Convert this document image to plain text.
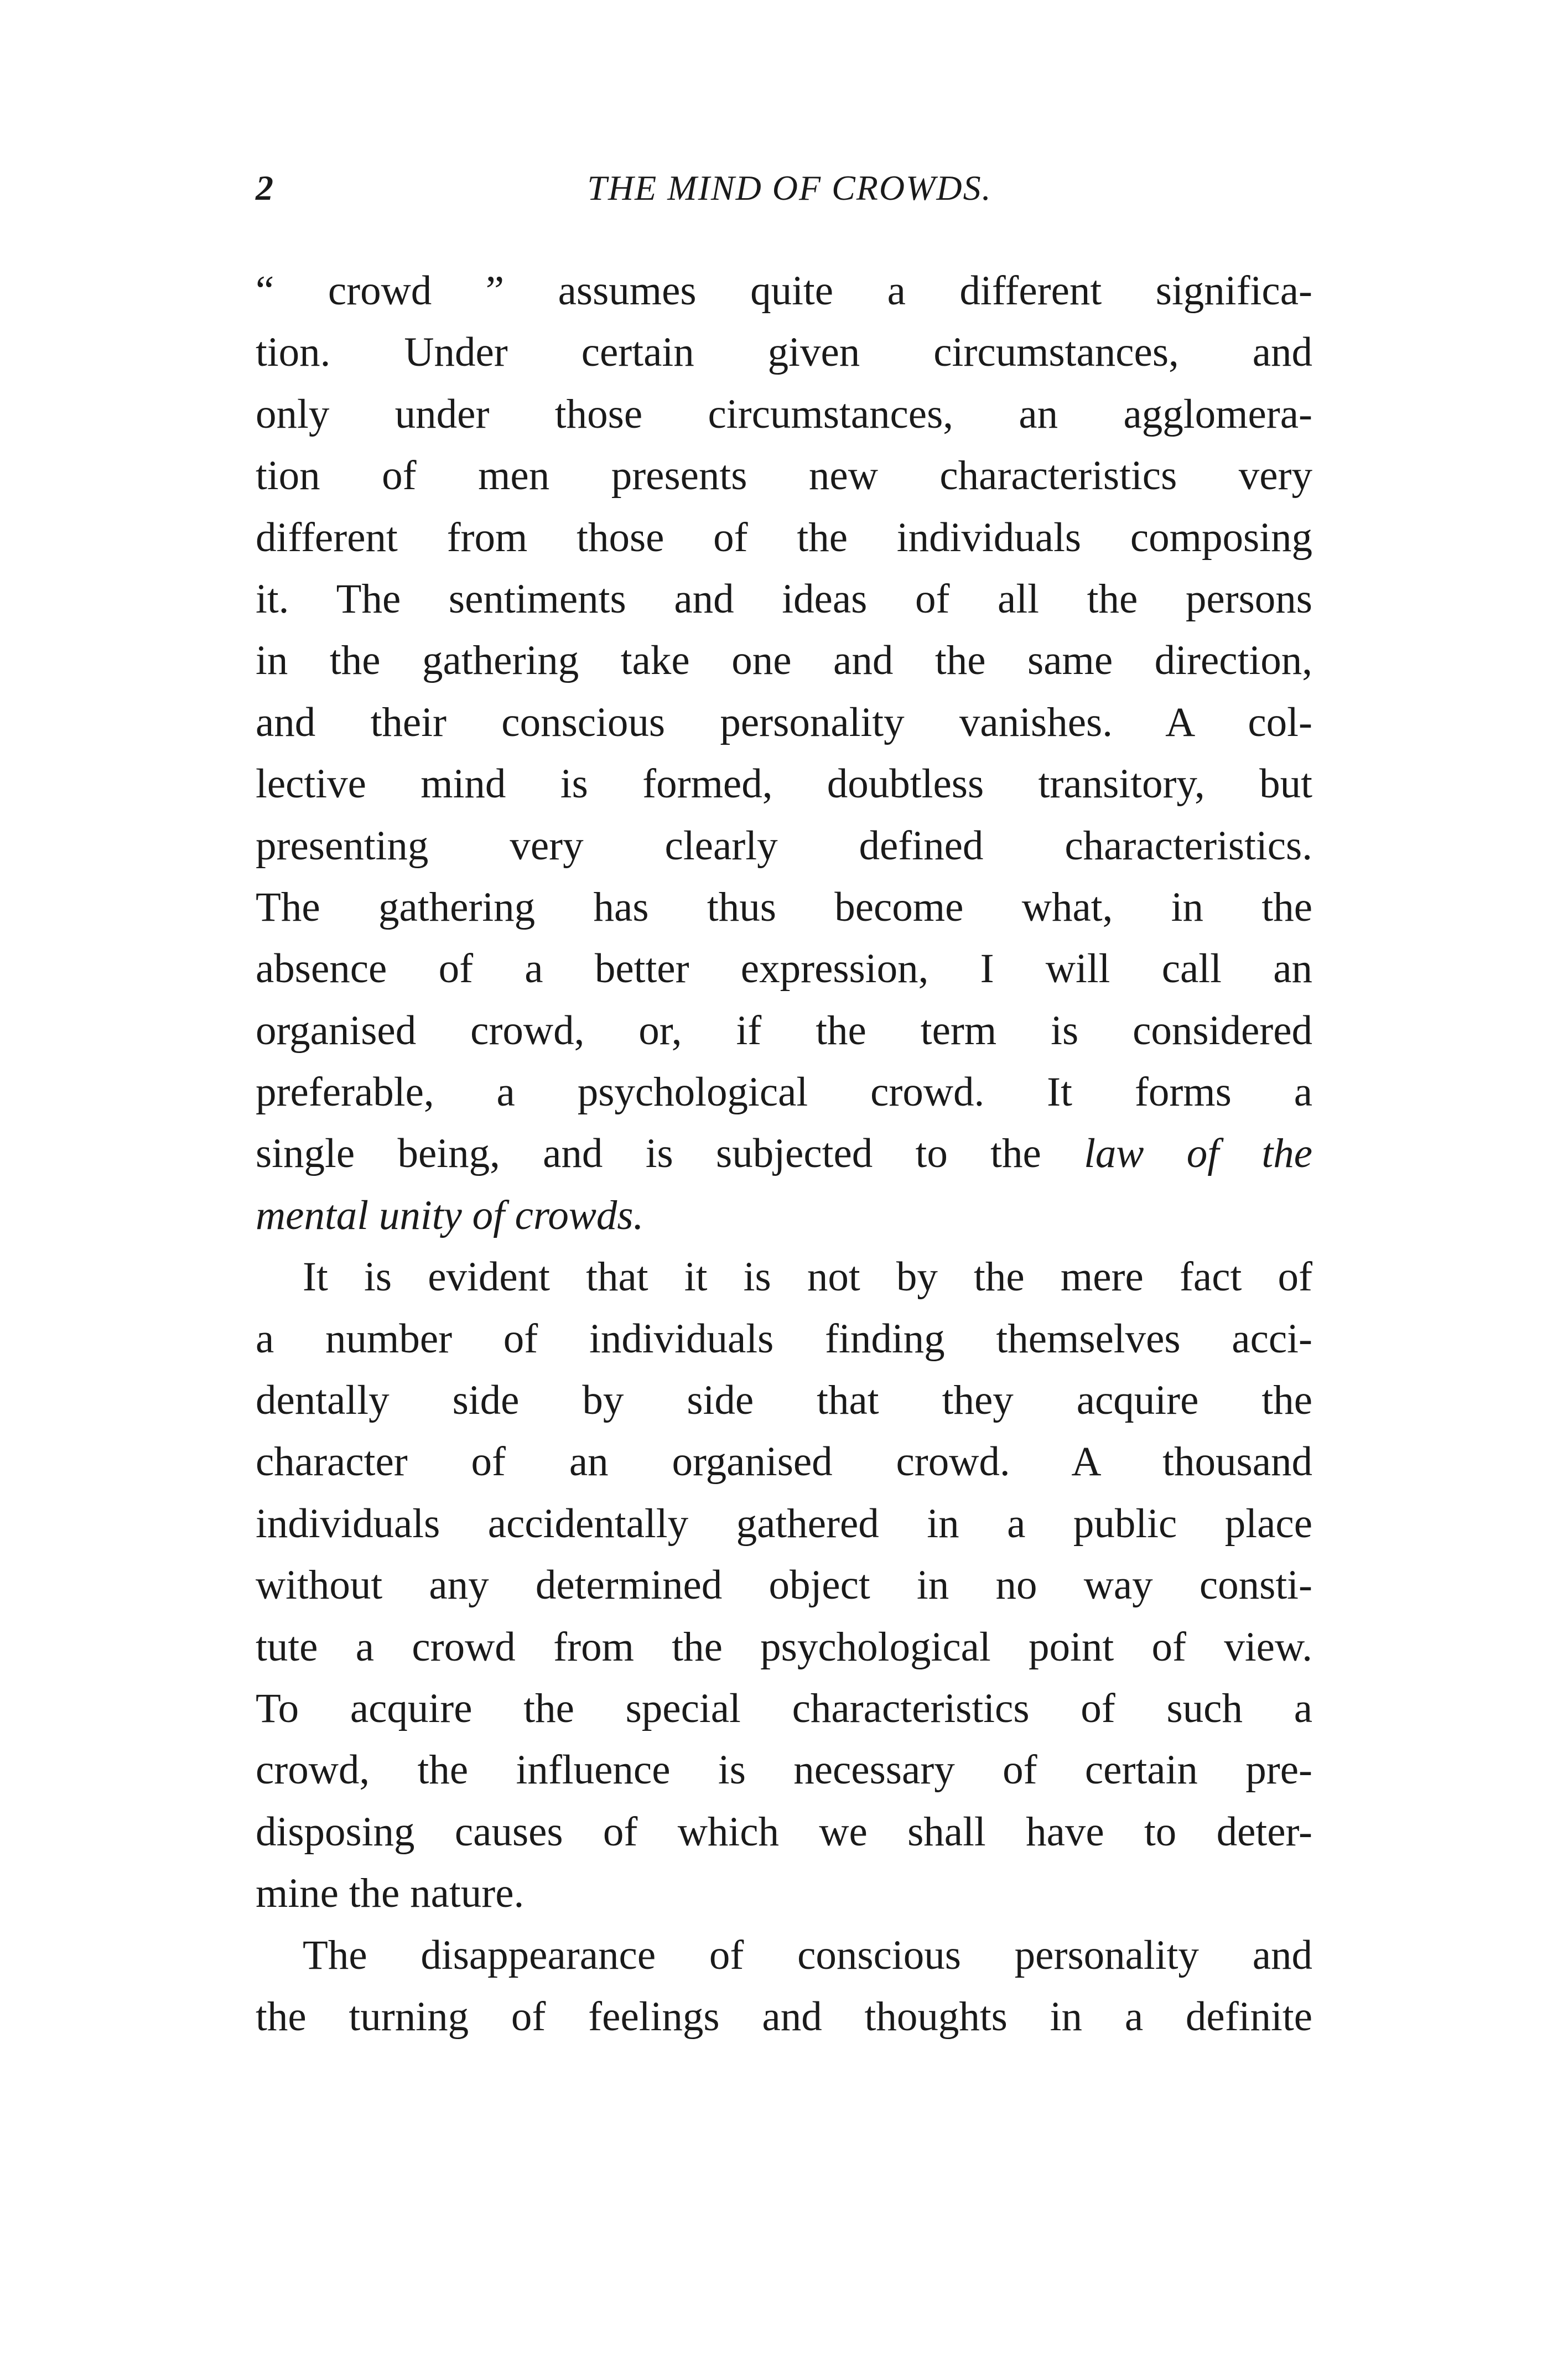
2	THE MIND OF CROWDS.

“ crowd ” assumes quite a different significa-
tion. Under certain given circumstances, and
only under those circumstances, an agglomera-
tion of men presents new characteristics very
different from those of the individuals composing
it. The sentiments and ideas of all the persons
in the gathering take one and the same direction,
and their conscious personality vanishes. A col-
lective mind is formed, doubtless transitory, but
presenting very clearly defined characteristics.
The gathering has thus become what, in the
absence of a better expression, I will call an
organised crowd, or, if the term is considered
preferable, a psychological crowd. It forms a
single being, and is subjected to the law of the
mental unity of crowds.

It is evident that it is not by the mere fact of
a number of individuals finding themselves acci-
dentally side by side that they acquire the
character of an organised crowd. A thousand
individuals accidentally gathered in a public place
without any determined object in no way consti-
tute a crowd from the psychological point of view.
To acquire the special characteristics of such a
crowd, the influence is necessary of certain pre-
disposing causes of which we shall have to deter-
mine the nature.

The disappearance of conscious personality and
the turning of feelings and thoughts in a definite
